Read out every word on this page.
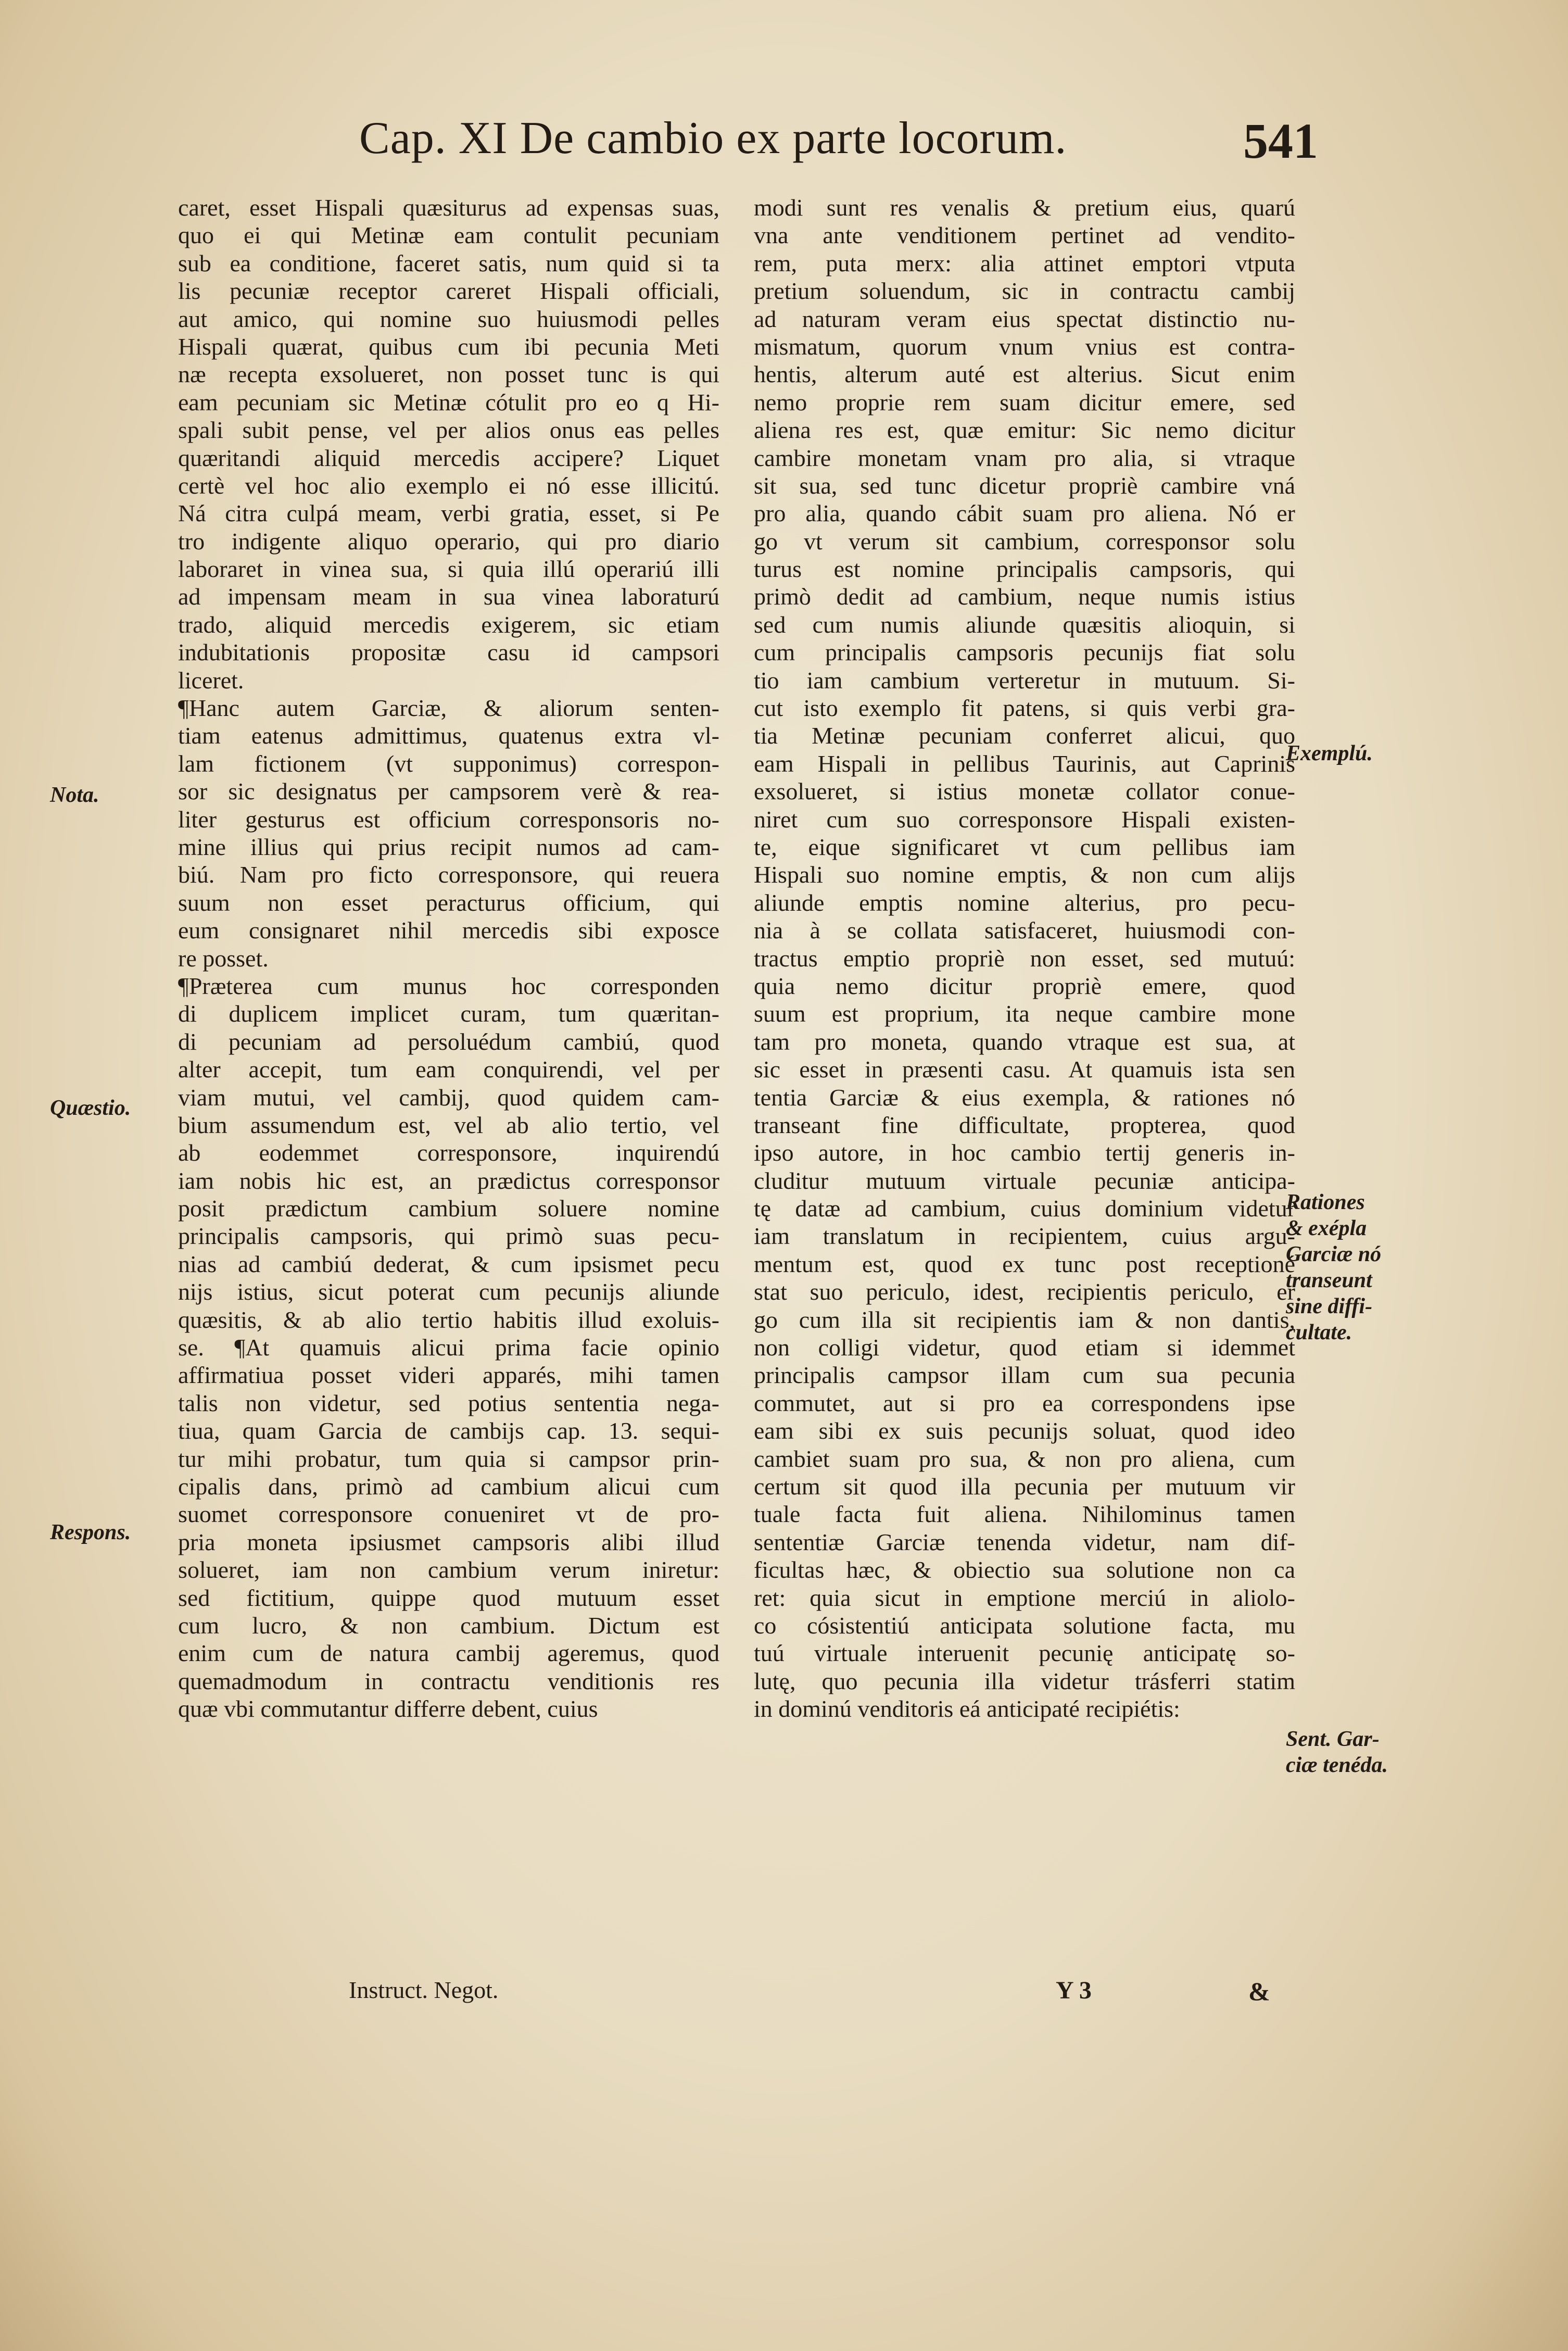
Cap. XI De cambio ex parte locorum.	541
caret, esset Hispali quæsiturus ad expensas suas,
quo ei qui Metinæ eam contulit pecuniam
sub ea conditione, faceret satis, num quid si ta
lis pecuniæ receptor careret Hispali officiali,
aut amico, qui nomine suo huiusmodi pelles
Hispali quærat, quibus cum ibi pecunia Meti
næ recepta exsolueret, non posset tunc is qui
eam pecuniam sic Metinæ cótulit pro eo q Hi-
spali subit pense, vel per alios onus eas pelles
quæritandi aliquid mercedis accipere? Liquet
certè vel hoc alio exemplo ei nó esse illicitú.
Ná citra culpá meam, verbi gratia, esset, si Pe
tro indigente aliquo operario, qui pro diario
laboraret in vinea sua, si quia illú operariú illi
ad impensam meam in sua vinea laboraturú
trado, aliquid mercedis exigerem, sic etiam
indubitationis propositæ casu id campsori
liceret.
¶Hanc autem Garciæ, & aliorum senten-
tiam eatenus admittimus, quatenus extra vl-
lam fictionem (vt supponimus) correspon-
sor sic designatus per campsorem verè & rea-
liter gesturus est officium corresponsoris no-
mine illius qui prius recipit numos ad cam-
biú. Nam pro ficto corresponsore, qui reuera
suum non esset peracturus officium, qui
eum consignaret nihil mercedis sibi exposce
re posset.
¶Præterea cum munus hoc corresponden
di duplicem implicet curam, tum quæritan-
di pecuniam ad persoluédum cambiú, quod
alter accepit, tum eam conquirendi, vel per
viam mutui, vel cambij, quod quidem cam-
bium assumendum est, vel ab alio tertio, vel
ab eodemmet corresponsore, inquirendú
iam nobis hic est, an prædictus corresponsor
posit prædictum cambium soluere nomine
principalis campsoris, qui primò suas pecu-
nias ad cambiú dederat, & cum ipsismet pecu
nijs istius, sicut poterat cum pecunijs aliunde
quæsitis, & ab alio tertio habitis illud exoluis-
se. ¶At quamuis alicui prima facie opinio
affirmatiua posset videri apparés, mihi tamen
talis non videtur, sed potius sententia nega-
tiua, quam Garcia de cambijs cap. 13. sequi-
tur mihi probatur, tum quia si campsor prin-
cipalis dans, primò ad cambium alicui cum
suomet corresponsore conueniret vt de pro-
pria moneta ipsiusmet campsoris alibi illud
solueret, iam non cambium verum iniretur:
sed fictitium, quippe quod mutuum esset
cum lucro, & non cambium. Dictum est
enim cum de natura cambij ageremus, quod
quemadmodum in contractu venditionis res
quæ vbi commutantur differre debent, cuius
modi sunt res venalis & pretium eius, quarú
vna ante venditionem pertinet ad vendito-
rem, puta merx: alia attinet emptori vtputa
pretium soluendum, sic in contractu cambij
ad naturam veram eius spectat distinctio nu-
mismatum, quorum vnum vnius est contra-
hentis, alterum auté est alterius. Sicut enim
nemo proprie rem suam dicitur emere, sed
aliena res est, quæ emitur: Sic nemo dicitur
cambire monetam vnam pro alia, si vtraque
sit sua, sed tunc dicetur propriè cambire vná
pro alia, quando cábit suam pro aliena. Nó er
go vt verum sit cambium, corresponsor solu
turus est nomine principalis campsoris, qui
primò dedit ad cambium, neque numis istius
sed cum numis aliunde quæsitis alioquin, si
cum principalis campsoris pecunijs fiat solu
tio iam cambium verteretur in mutuum. Si-
cut isto exemplo fit patens, si quis verbi gra-
tia Metinæ pecuniam conferret alicui, quo
eam Hispali in pellibus Taurinis, aut Caprinis
exsolueret, si istius monetæ collator conue-
niret cum suo corresponsore Hispali existen-
te, eique significaret vt cum pellibus iam
Hispali suo nomine emptis, & non cum alijs
aliunde emptis nomine alterius, pro pecu-
nia à se collata satisfaceret, huiusmodi con-
tractus emptio propriè non esset, sed mutuú:
quia nemo dicitur propriè emere, quod
suum est proprium, ita neque cambire mone
tam pro moneta, quando vtraque est sua, at
sic esset in præsenti casu. At quamuis ista sen
tentia Garciæ & eius exempla, & rationes nó
transeant fine difficultate, propterea, quod
ipso autore, in hoc cambio tertij generis in-
cluditur mutuum virtuale pecuniæ anticipa-
tę datæ ad cambium, cuius dominium videtur
iam translatum in recipientem, cuius argu-
mentum est, quod ex tunc post receptioné
stat suo periculo, idest, recipientis periculo, er
go cum illa sit recipientis iam & non dantis,
non colligi videtur, quod etiam si idemmet
principalis campsor illam cum sua pecunia
commutet, aut si pro ea correspondens ipse
eam sibi ex suis pecunijs soluat, quod ideo
cambiet suam pro sua, & non pro aliena, cum
certum sit quod illa pecunia per mutuum vir
tuale facta fuit aliena. Nihilominus tamen
sententiæ Garciæ tenenda videtur, nam dif-
ficultas hæc, & obiectio sua solutione non ca
ret: quia sicut in emptione merciú in aliolo-
co cósistentiú anticipata solutione facta, mu
tuú virtuale interuenit pecunię anticipatę so-
lutę, quo pecunia illa videtur trásferri statim
in dominú venditoris eá anticipaté recipiétis:
Nota.
Quæstio.
Respons.
Exemplú.
Rationes
& exépla
Garciæ nó
transeunt
sine diffi-
cultate.
Sent. Gar-
ciæ tenéda.
Instruct. Negot.	Y 3	&
